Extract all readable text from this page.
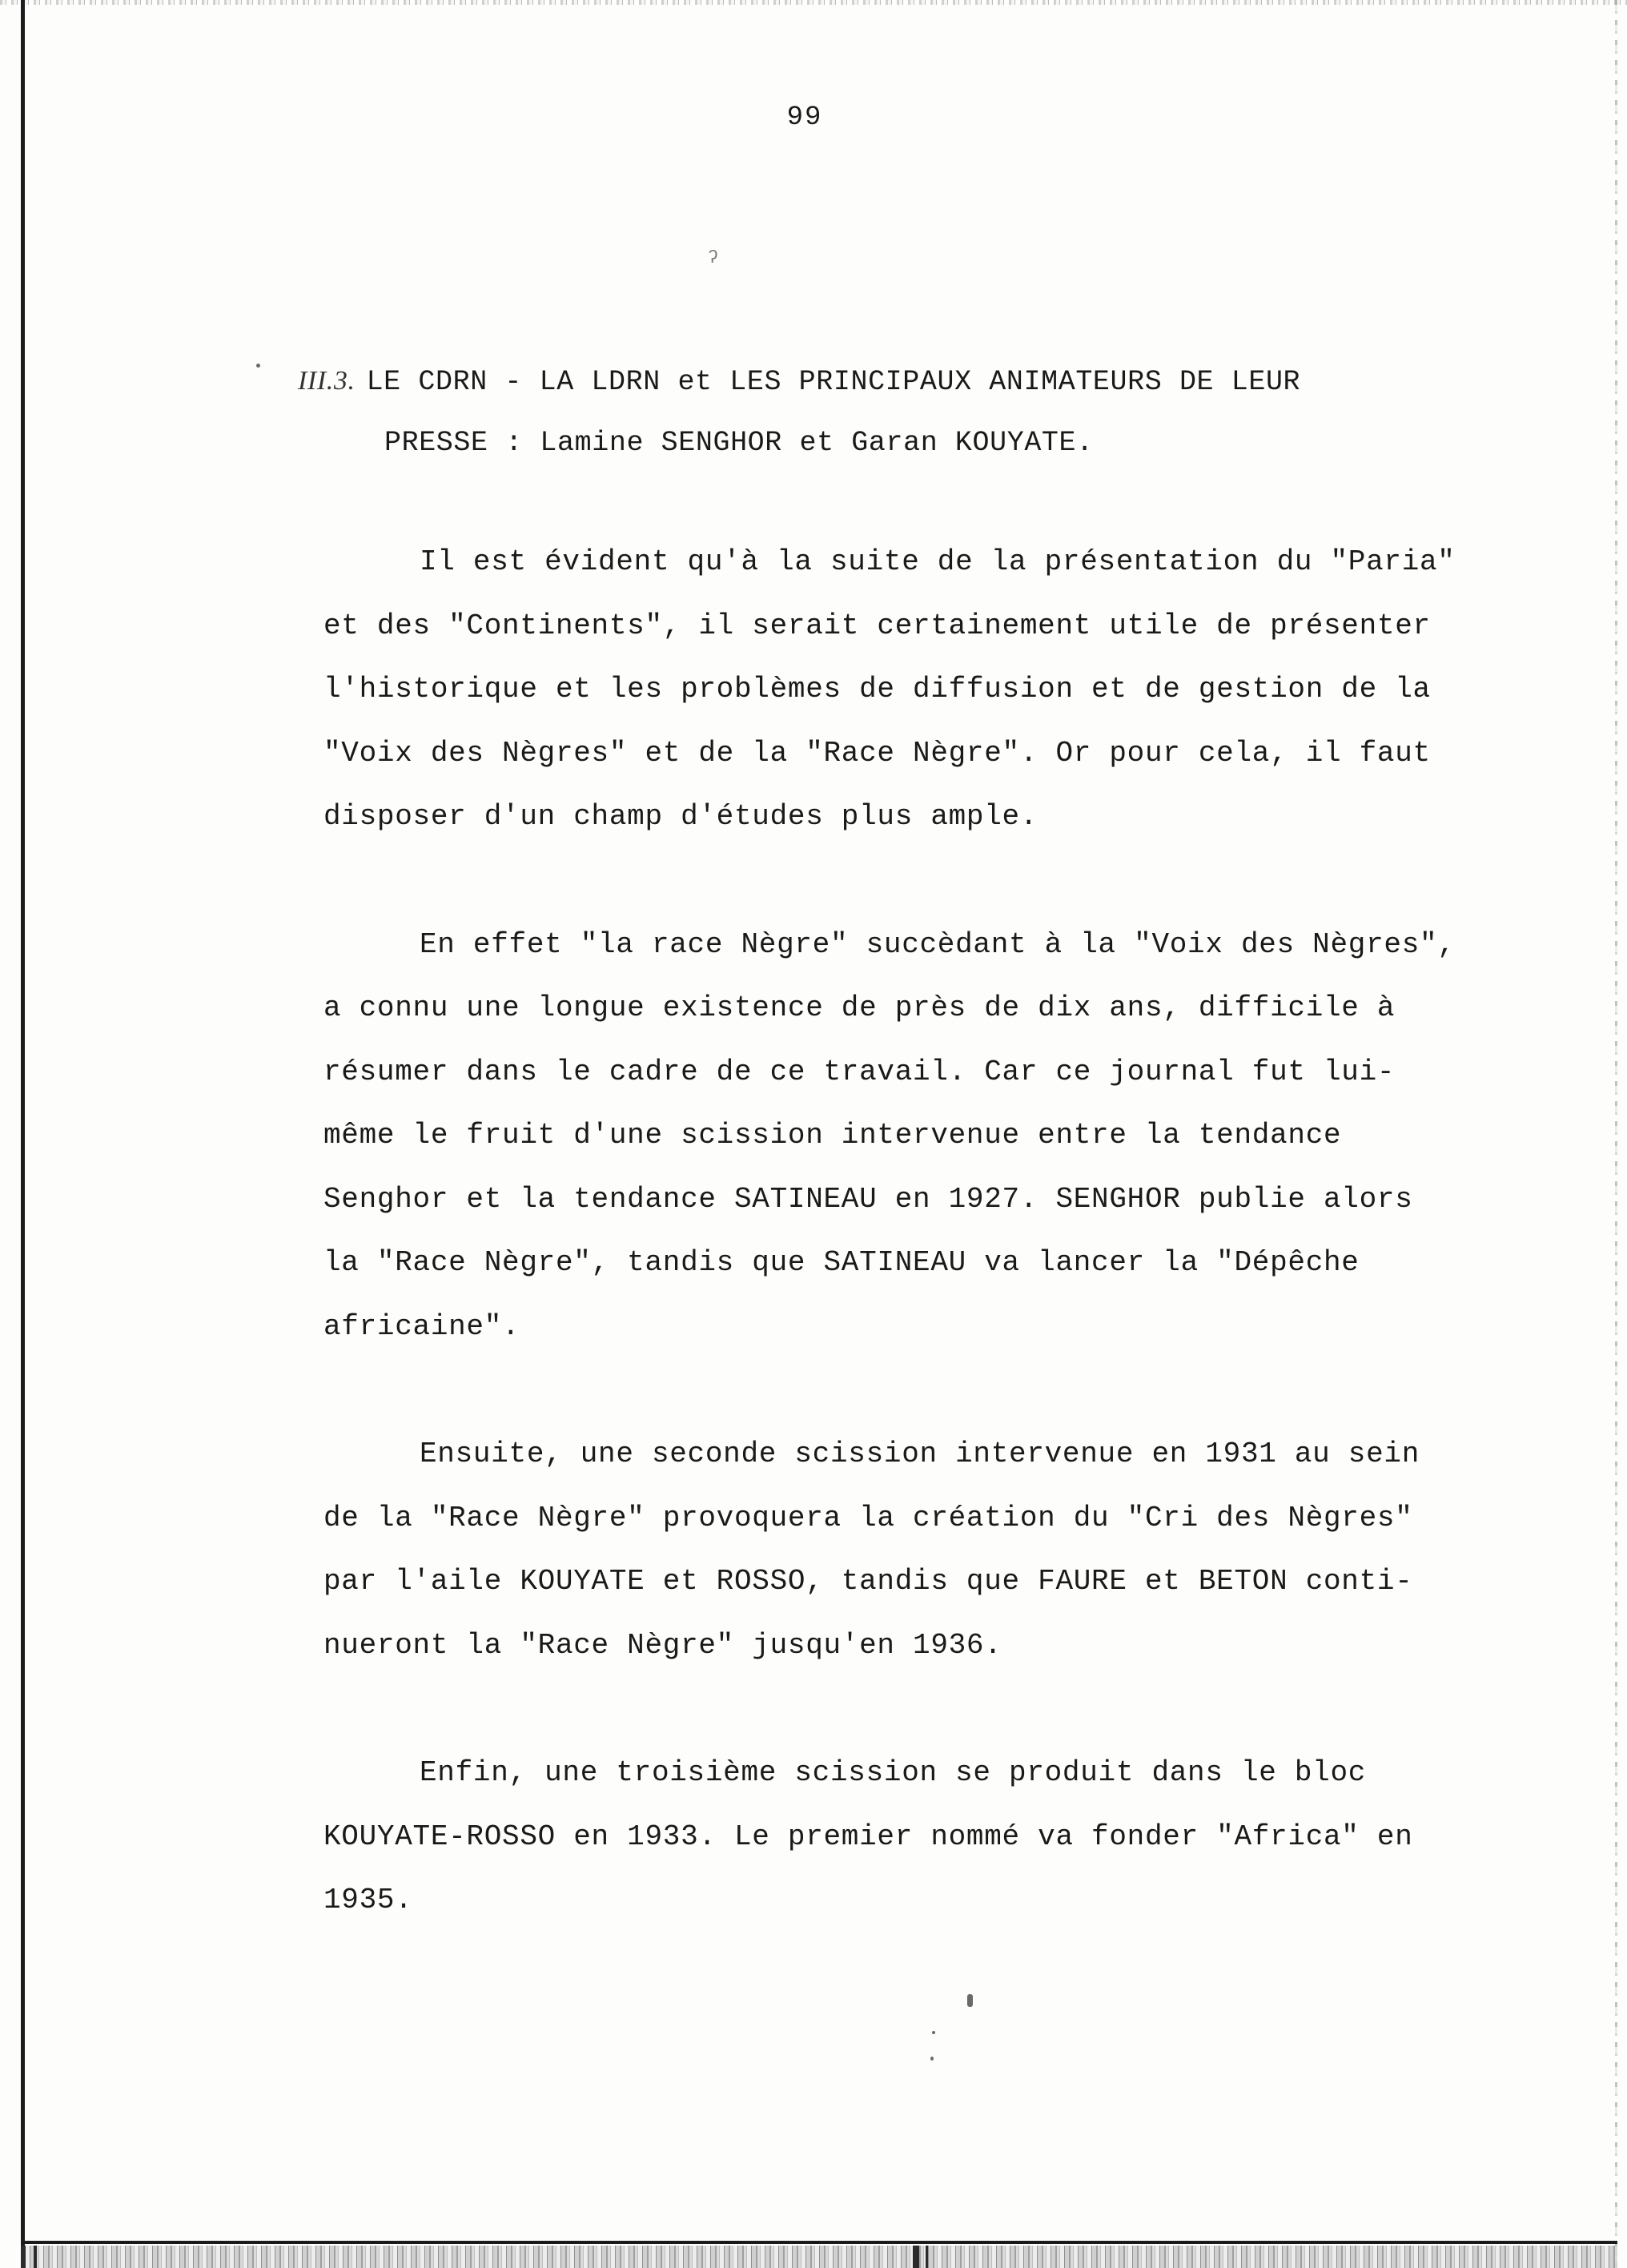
99
ʔ
III.3. LE CDRN - LA LDRN et LES PRINCIPAUX ANIMATEURS DE LEUR
PRESSE : Lamine SENGHOR et Garan KOUYATE.

Il est évident qu'à la suite de la présentation du "Paria"
et des "Continents", il serait certainement utile de présenter
l'historique et les problèmes de diffusion et de gestion de la
"Voix des Nègres" et de la "Race Nègre". Or pour cela, il faut
disposer d'un champ d'études plus ample.

En effet "la race Nègre" succèdant à la "Voix des Nègres",
a connu une longue existence de près de dix ans, difficile à
résumer dans le cadre de ce travail. Car ce journal fut lui-
même le fruit d'une scission intervenue entre la tendance
Senghor et la tendance SATINEAU en 1927. SENGHOR publie alors
la "Race Nègre", tandis que SATINEAU va lancer la "Dépêche
africaine".

Ensuite, une seconde scission intervenue en 1931 au sein
de la "Race Nègre" provoquera la création du "Cri des Nègres"
par l'aile KOUYATE et ROSSO, tandis que FAURE et BETON conti-
nueront la "Race Nègre" jusqu'en 1936.

Enfin, une troisième scission se produit dans le bloc
KOUYATE-ROSSO en 1933. Le premier nommé va fonder "Africa" en
1935.
